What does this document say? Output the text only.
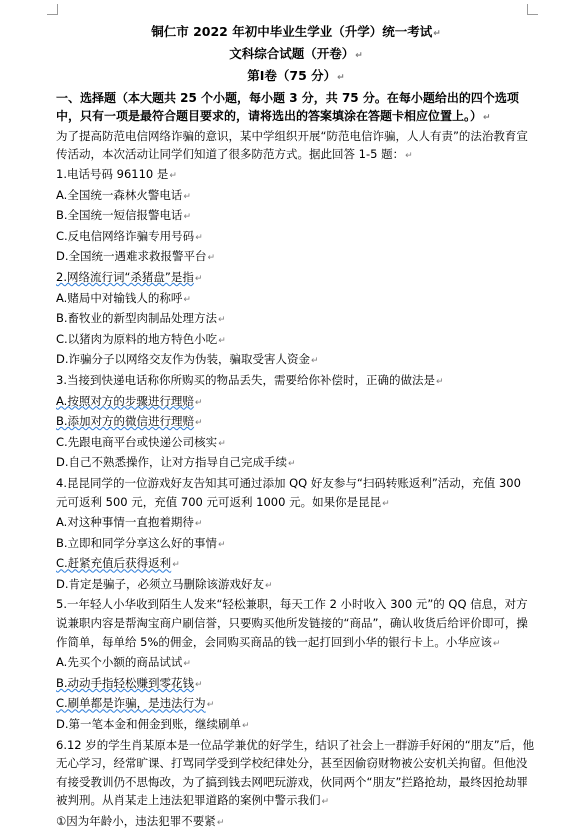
铜仁市 2022 年初中毕业生学业（升学）统一考试↵
文科综合试题（开卷）↵
第Ⅰ卷（75 分）↵
一、选择题（本大题共 25 个小题，每小题 3 分，共 75 分。在每小题给出的四个选项中，只有一项是最符合题目要求的，请将选出的答案填涂在答题卡相应位置上。）↵
为了提高防范电信网络诈骗的意识，某中学组织开展“防范电信诈骗，人人有责”的法治教育宣传活动，本次活动让同学们知道了很多防范方式。据此回答 1-5 题：↵
1.电话号码 96110 是↵
A.全国统一森林火警电话↵
B.全国统一短信报警电话↵
C.反电信网络诈骗专用号码↵
D.全国统一遇难求救报警平台↵
2.网络流行词“杀猪盘”是指↵
A.赌局中对输钱人的称呼↵
B.畜牧业的新型肉制品处理方法↵
C.以猪肉为原料的地方特色小吃↵
D.诈骗分子以网络交友作为伪装，骗取受害人资金↵
3.当接到快递电话称你所购买的物品丢失，需要给你补偿时，正确的做法是↵
A.按照对方的步骤进行理赔↵
B.添加对方的微信进行理赔↵
C.先跟电商平台或快递公司核实↵
D.自己不熟悉操作，让对方指导自己完成手续↵
4.昆昆同学的一位游戏好友告知其可通过添加 QQ 好友参与“扫码转账返利”活动，充值 300 元可返利 500 元，充值 700 元可返利 1000 元。如果你是昆昆↵
A.对这种事情一直抱着期待↵
B.立即和同学分享这么好的事情↵
C.赶紧充值后获得返利↵
D.肯定是骗子，必须立马删除该游戏好友↵
5.一年轻人小华收到陌生人发来“轻松兼职，每天工作 2 小时收入 300 元”的 QQ 信息，对方说兼职内容是帮淘宝商户刷信誉，只要购买他所发链接的“商品”，确认收货后给评价即可，操作简单，每单给 5%的佣金，会同购买商品的钱一起打回到小华的银行卡上。小华应该↵
A.先买个小额的商品试试↵
B.动动手指轻松赚到零花钱↵
C.刷单都是诈骗，是违法行为↵
D.第一笔本金和佣金到账，继续刷单↵
6.12 岁的学生肖某原本是一位品学兼优的好学生，结识了社会上一群游手好闲的“朋友”后，他无心学习，经常旷课、打骂同学受到学校纪律处分，甚至因偷窃财物被公安机关拘留。但他没有接受教训仍不思悔改，为了搞到钱去网吧玩游戏，伙同两个“朋友”拦路抢劫，最终因抢劫罪被判刑。从肖某走上违法犯罪道路的案例中警示我们↵
①因为年龄小，违法犯罪不要紧↵
